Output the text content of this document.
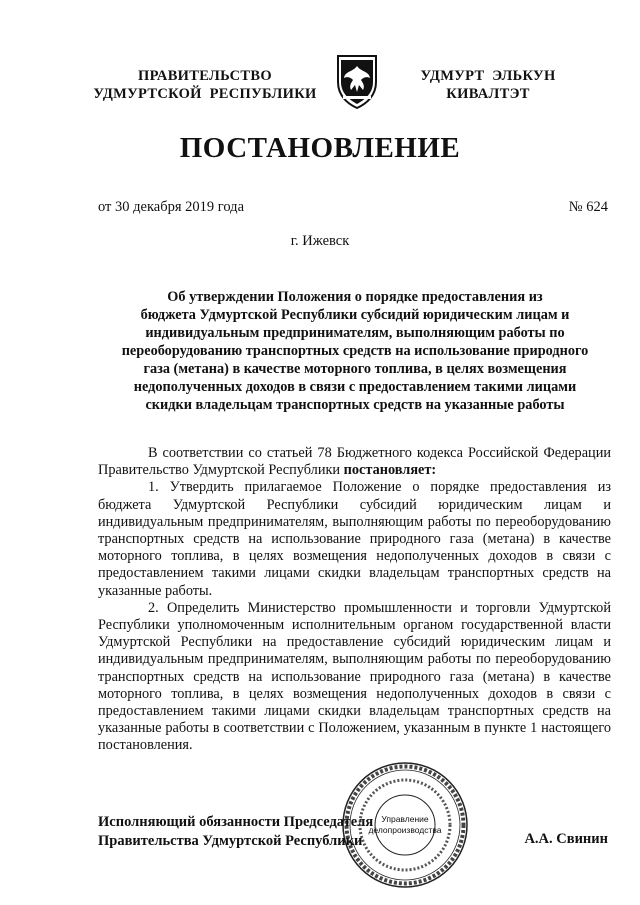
ПРАВИТЕЛЬСТВО
УДМУРТСКОЙ  РЕСПУБЛИКИ
УДМУРТ  ЭЛЬКУН
КИВАЛТЭТ
ПОСТАНОВЛЕНИЕ
от 30 декабря 2019 года	№ 624
г. Ижевск
Об утверждении Положения о порядке предоставления из
бюджета Удмуртской Республики субсидий юридическим лицам и
индивидуальным предпринимателям, выполняющим работы по
переоборудованию транспортных средств на использование природного
газа (метана) в качестве моторного топлива, в целях возмещения
недополученных доходов в связи с предоставлением такими лицами
скидки владельцам транспортных средств на указанные работы

В соответствии со статьей 78 Бюджетного кодекса Российской Федерации Правительство Удмуртской Республики постановляет:

1. Утвердить прилагаемое Положение о порядке предоставления из бюджета Удмуртской Республики субсидий юридическим лицам и индивидуальным предпринимателям, выполняющим работы по переоборудованию транспортных средств на использование природного газа (метана) в качестве моторного топлива, в целях возмещения недополученных доходов в связи с предоставлением такими лицами скидки владельцам транспортных средств на указанные работы.

2. Определить Министерство промышленности и торговли Удмуртской Республики уполномоченным исполнительным органом государственной власти Удмуртской Республики на предоставление субсидий юридическим лицам и индивидуальным предпринимателям, выполняющим работы по переоборудованию транспортных средств на использование природного газа (метана) в качестве моторного топлива, в целях возмещения недополученных доходов в связи с предоставлением такими лицами скидки владельцам транспортных средств на указанные работы в соответствии с Положением, указанным в пункте 1 настоящего постановления.

Управление
делопроизводства
Исполняющий обязанности Председателя
Правительства Удмуртской Республики	А.А. Свинин
